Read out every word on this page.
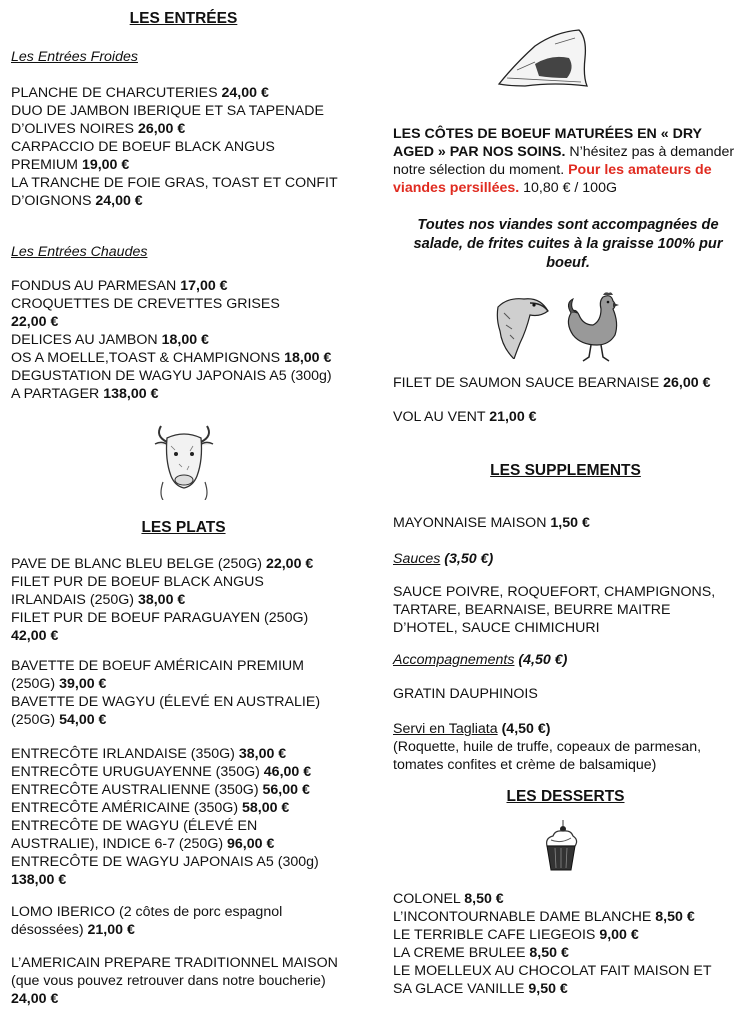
LES ENTRÉES
Les Entrées Froides
PLANCHE DE CHARCUTERIES 24,00 €
DUO DE JAMBON IBERIQUE ET SA TAPENADE
D’OLIVES NOIRES 26,00 €
CARPACCIO DE BOEUF BLACK ANGUS
PREMIUM 19,00 €
LA TRANCHE DE FOIE GRAS, TOAST ET CONFIT
D’OIGNONS 24,00 €
Les Entrées Chaudes
FONDUS AU PARMESAN 17,00 €
CROQUETTES DE CREVETTES GRISES
22,00 €
DELICES AU JAMBON 18,00 €
OS A MOELLE,TOAST & CHAMPIGNONS 18,00 €
DEGUSTATION DE WAGYU JAPONAIS A5 (300g)
A PARTAGER 138,00 €
LES PLATS
PAVE DE BLANC BLEU BELGE (250G) 22,00 €
FILET PUR DE BOEUF BLACK ANGUS
IRLANDAIS (250G) 38,00 €
FILET PUR DE BOEUF PARAGUAYEN (250G)
42,00 €
BAVETTE DE BOEUF AMÉRICAIN PREMIUM
(250G) 39,00 €
BAVETTE DE WAGYU (ÉLEVÉ EN AUSTRALIE)
(250G) 54,00 €
ENTRECÔTE IRLANDAISE (350G) 38,00 €
ENTRECÔTE URUGUAYENNE (350G) 46,00 €
ENTRECÔTE AUSTRALIENNE (350G) 56,00 €
ENTRECÔTE AMÉRICAINE (350G) 58,00 €
ENTRECÔTE DE WAGYU (ÉLEVÉ EN
AUSTRALIE), INDICE 6-7 (250G) 96,00 €
ENTRECÔTE DE WAGYU JAPONAIS A5 (300g)
138,00 €
LOMO IBERICO (2 côtes de porc espagnol
désossées) 21,00 €
L’AMERICAIN PREPARE TRADITIONNEL MAISON
(que vous pouvez retrouver dans notre boucherie)
24,00 €
LES CÔTES DE BOEUF MATURÉES EN « DRY AGED » PAR NOS SOINS. N’hésitez pas à demander notre sélection du moment. Pour les amateurs de viandes persillées. 10,80 € / 100G
Toutes nos viandes sont accompagnées de salade, de frites cuites à la graisse 100% pur boeuf.
FILET DE SAUMON SAUCE BEARNAISE 26,00 €
VOL AU VENT 21,00 €
LES SUPPLEMENTS
MAYONNAISE MAISON 1,50 €
Sauces (3,50 €)
SAUCE POIVRE, ROQUEFORT, CHAMPIGNONS,
TARTARE, BEARNAISE, BEURRE MAITRE
D’HOTEL, SAUCE CHIMICHURI
Accompagnements (4,50 €)
GRATIN DAUPHINOIS
Servi en Tagliata (4,50 €)
(Roquette, huile de truffe, copeaux de parmesan,
tomates confites et crème de balsamique)
LES DESSERTS
COLONEL 8,50 €
L’INCONTOURNABLE DAME BLANCHE 8,50 €
LE TERRIBLE CAFE LIEGEOIS 9,00 €
LA CREME BRULEE 8,50 €
LE MOELLEUX AU CHOCOLAT FAIT MAISON ET
SA GLACE VANILLE 9,50 €
